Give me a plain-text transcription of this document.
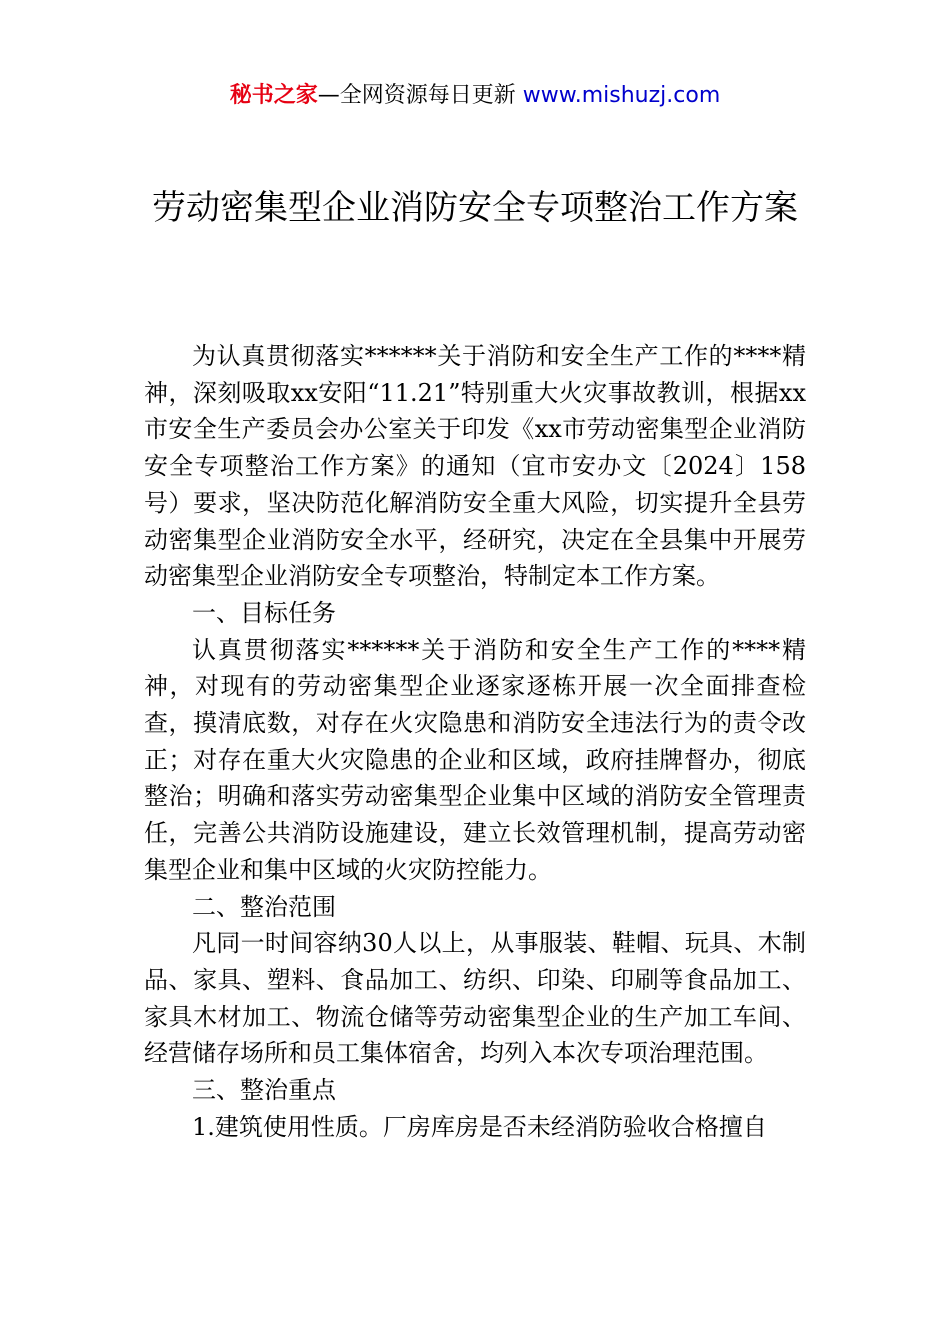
秘书之家—全网资源每日更新 www.mishuzj.com
劳动密集型企业消防安全专项整治工作方案

为认真贯彻落实******关于消防和安全生产工作的****精神，深刻吸取xx安阳“11.21”特别重大火灾事故教训，根据xx市安全生产委员会办公室关于印发《xx市劳动密集型企业消防安全专项整治工作方案》的通知（宜市安办文〔2024〕158号）要求，坚决防范化解消防安全重大风险，切实提升全县劳动密集型企业消防安全水平，经研究，决定在全县集中开展劳动密集型企业消防安全专项整治，特制定本工作方案。

一、目标任务

认真贯彻落实******关于消防和安全生产工作的****精神，对现有的劳动密集型企业逐家逐栋开展一次全面排查检查，摸清底数，对存在火灾隐患和消防安全违法行为的责令改正；对存在重大火灾隐患的企业和区域，政府挂牌督办，彻底整治；明确和落实劳动密集型企业集中区域的消防安全管理责任，完善公共消防设施建设，建立长效管理机制，提高劳动密集型企业和集中区域的火灾防控能力。

二、整治范围

凡同一时间容纳30人以上，从事服装、鞋帽、玩具、木制品、家具、塑料、食品加工、纺织、印染、印刷等食品加工、家具木材加工、物流仓储等劳动密集型企业的生产加工车间、经营储存场所和员工集体宿舍，均列入本次专项治理范围。

三、整治重点

1.建筑使用性质。厂房库房是否未经消防验收合格擅自
